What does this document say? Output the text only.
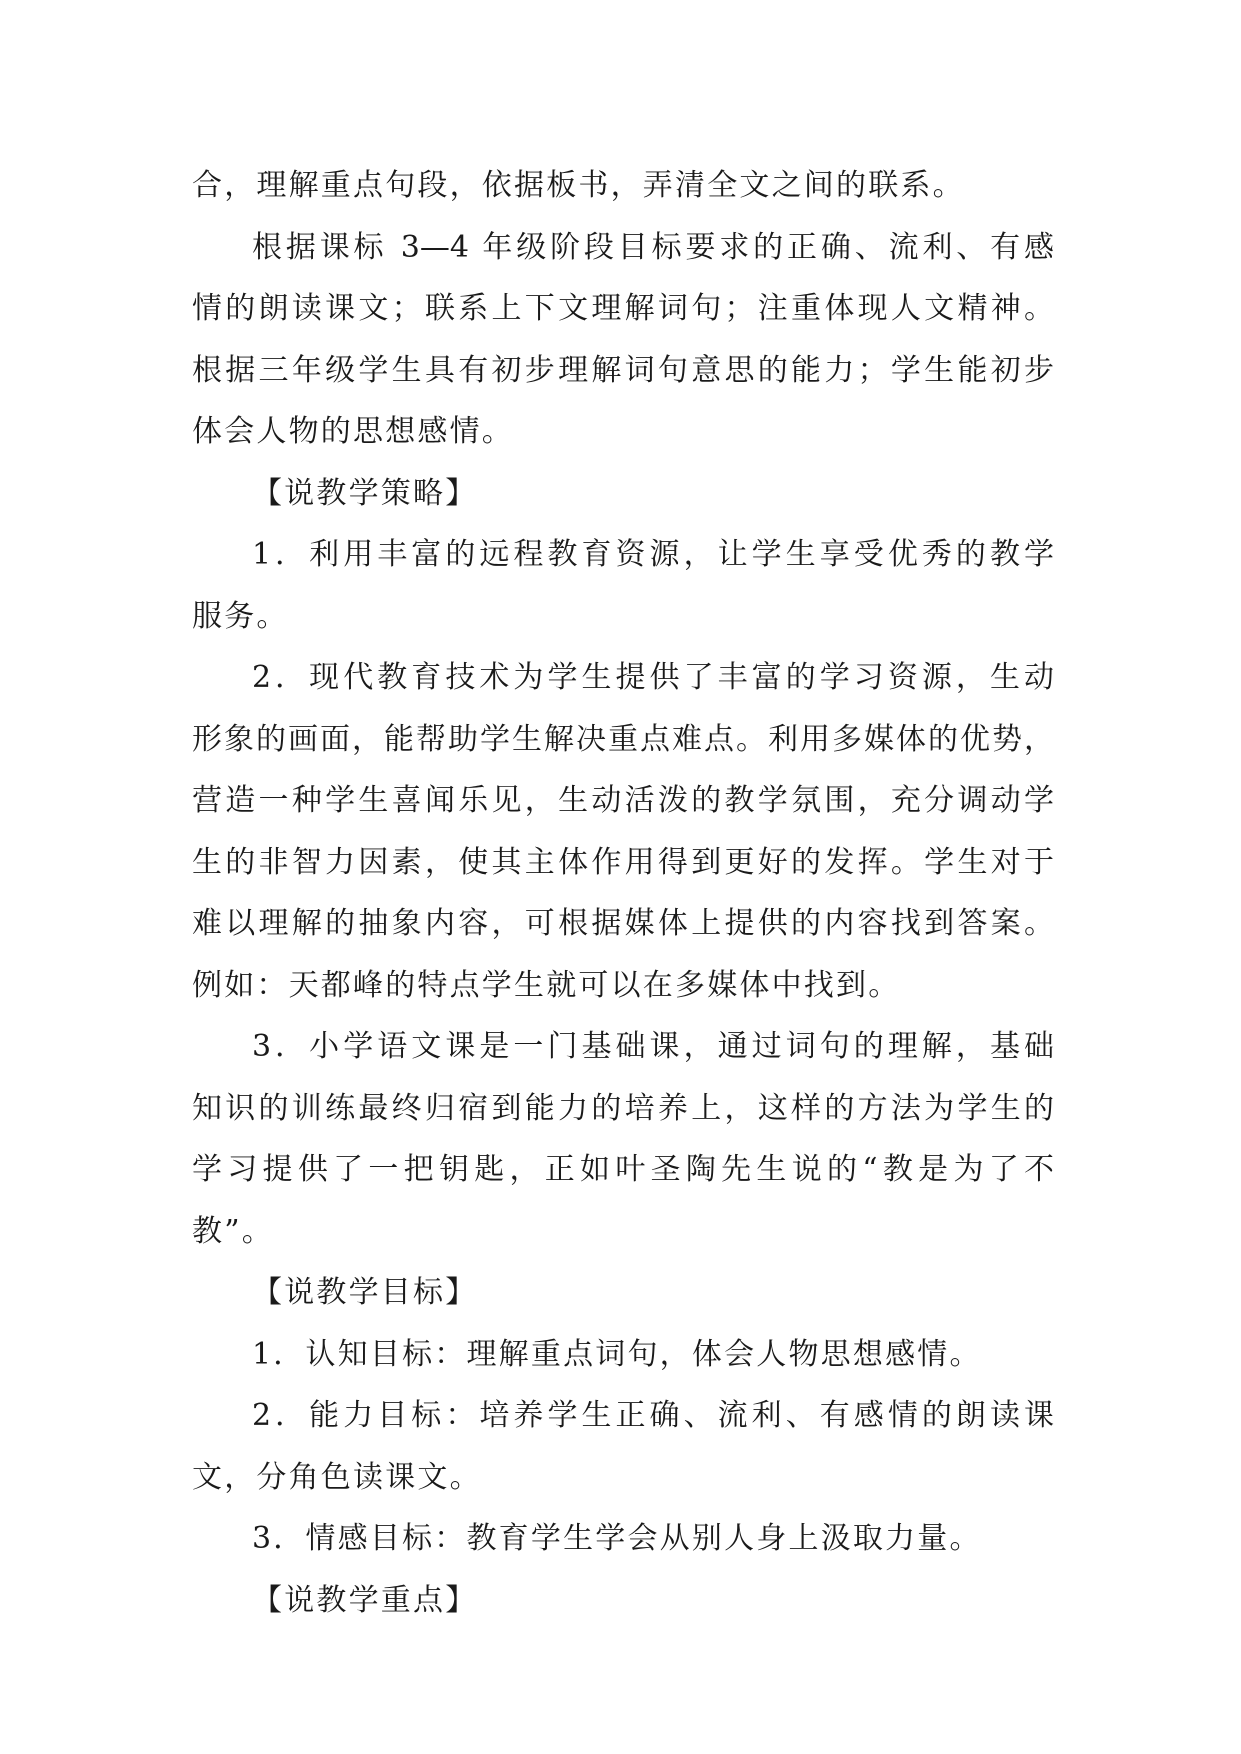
合，理解重点句段，依据板书，弄清全文之间的联系。
根据课标 3—4 年级阶段目标要求的正确、流利、有感
情的朗读课文；联系上下文理解词句；注重体现人文精神。
根据三年级学生具有初步理解词句意思的能力；学生能初步
体会人物的思想感情。
【说教学策略】
1．利用丰富的远程教育资源，让学生享受优秀的教学
服务。
2．现代教育技术为学生提供了丰富的学习资源，生动
形象的画面，能帮助学生解决重点难点。利用多媒体的优势，
营造一种学生喜闻乐见，生动活泼的教学氛围，充分调动学
生的非智力因素，使其主体作用得到更好的发挥。学生对于
难以理解的抽象内容，可根据媒体上提供的内容找到答案。
例如：天都峰的特点学生就可以在多媒体中找到。
3．小学语文课是一门基础课，通过词句的理解，基础
知识的训练最终归宿到能力的培养上，这样的方法为学生的
学习提供了一把钥匙，正如叶圣陶先生说的“教是为了不
教”。
【说教学目标】
1．认知目标：理解重点词句，体会人物思想感情。
2．能力目标：培养学生正确、流利、有感情的朗读课
文，分角色读课文。
3．情感目标：教育学生学会从别人身上汲取力量。
【说教学重点】
